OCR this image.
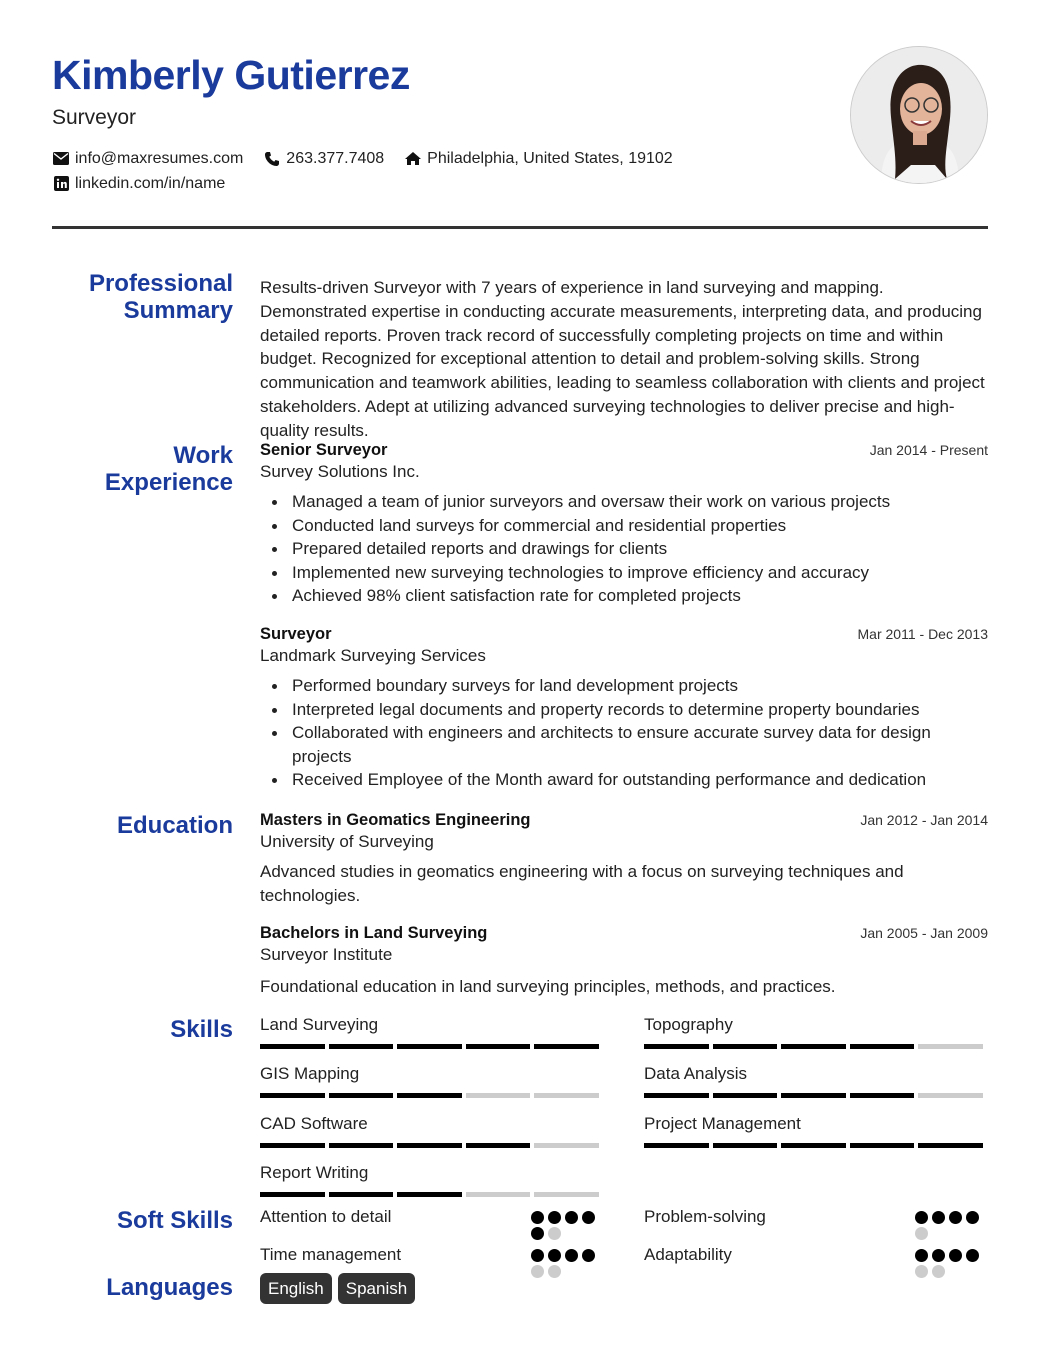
Kimberly Gutierrez
Surveyor
info@maxresumes.com	263.377.7408	Philadelphia, United States, 19102
linkedin.com/in/name
Professional Summary
Results-driven Surveyor with 7 years of experience in land surveying and mapping. Demonstrated expertise in conducting accurate measurements, interpreting data, and producing detailed reports. Proven track record of successfully completing projects on time and within budget. Recognized for exceptional attention to detail and problem-solving skills. Strong communication and teamwork abilities, leading to seamless collaboration with clients and project stakeholders. Adept at utilizing advanced surveying technologies to deliver precise and high-quality results.
Work Experience
Senior Surveyor	Jan 2014 - Present
Survey Solutions Inc.
Managed a team of junior surveyors and oversaw their work on various projects
Conducted land surveys for commercial and residential properties
Prepared detailed reports and drawings for clients
Implemented new surveying technologies to improve efficiency and accuracy
Achieved 98% client satisfaction rate for completed projects
Surveyor	Mar 2011 - Dec 2013
Landmark Surveying Services
Performed boundary surveys for land development projects
Interpreted legal documents and property records to determine property boundaries
Collaborated with engineers and architects to ensure accurate survey data for design projects
Received Employee of the Month award for outstanding performance and dedication
Education Masters in Geomatics Engineering	Jan 2012 - Jan 2014
University of Surveying
Advanced studies in geomatics engineering with a focus on surveying techniques and technologies.
Bachelors in Land Surveying	Jan 2005 - Jan 2009
Surveyor Institute
Foundational education in land surveying principles, methods, and practices.
Skills Land Surveying	Topography
GIS Mapping	Data Analysis
CAD Software	Project Management
Report Writing
Soft Skills Attention to detail	Problem-solving
Time management	Adaptability
Languages	English	Spanish
